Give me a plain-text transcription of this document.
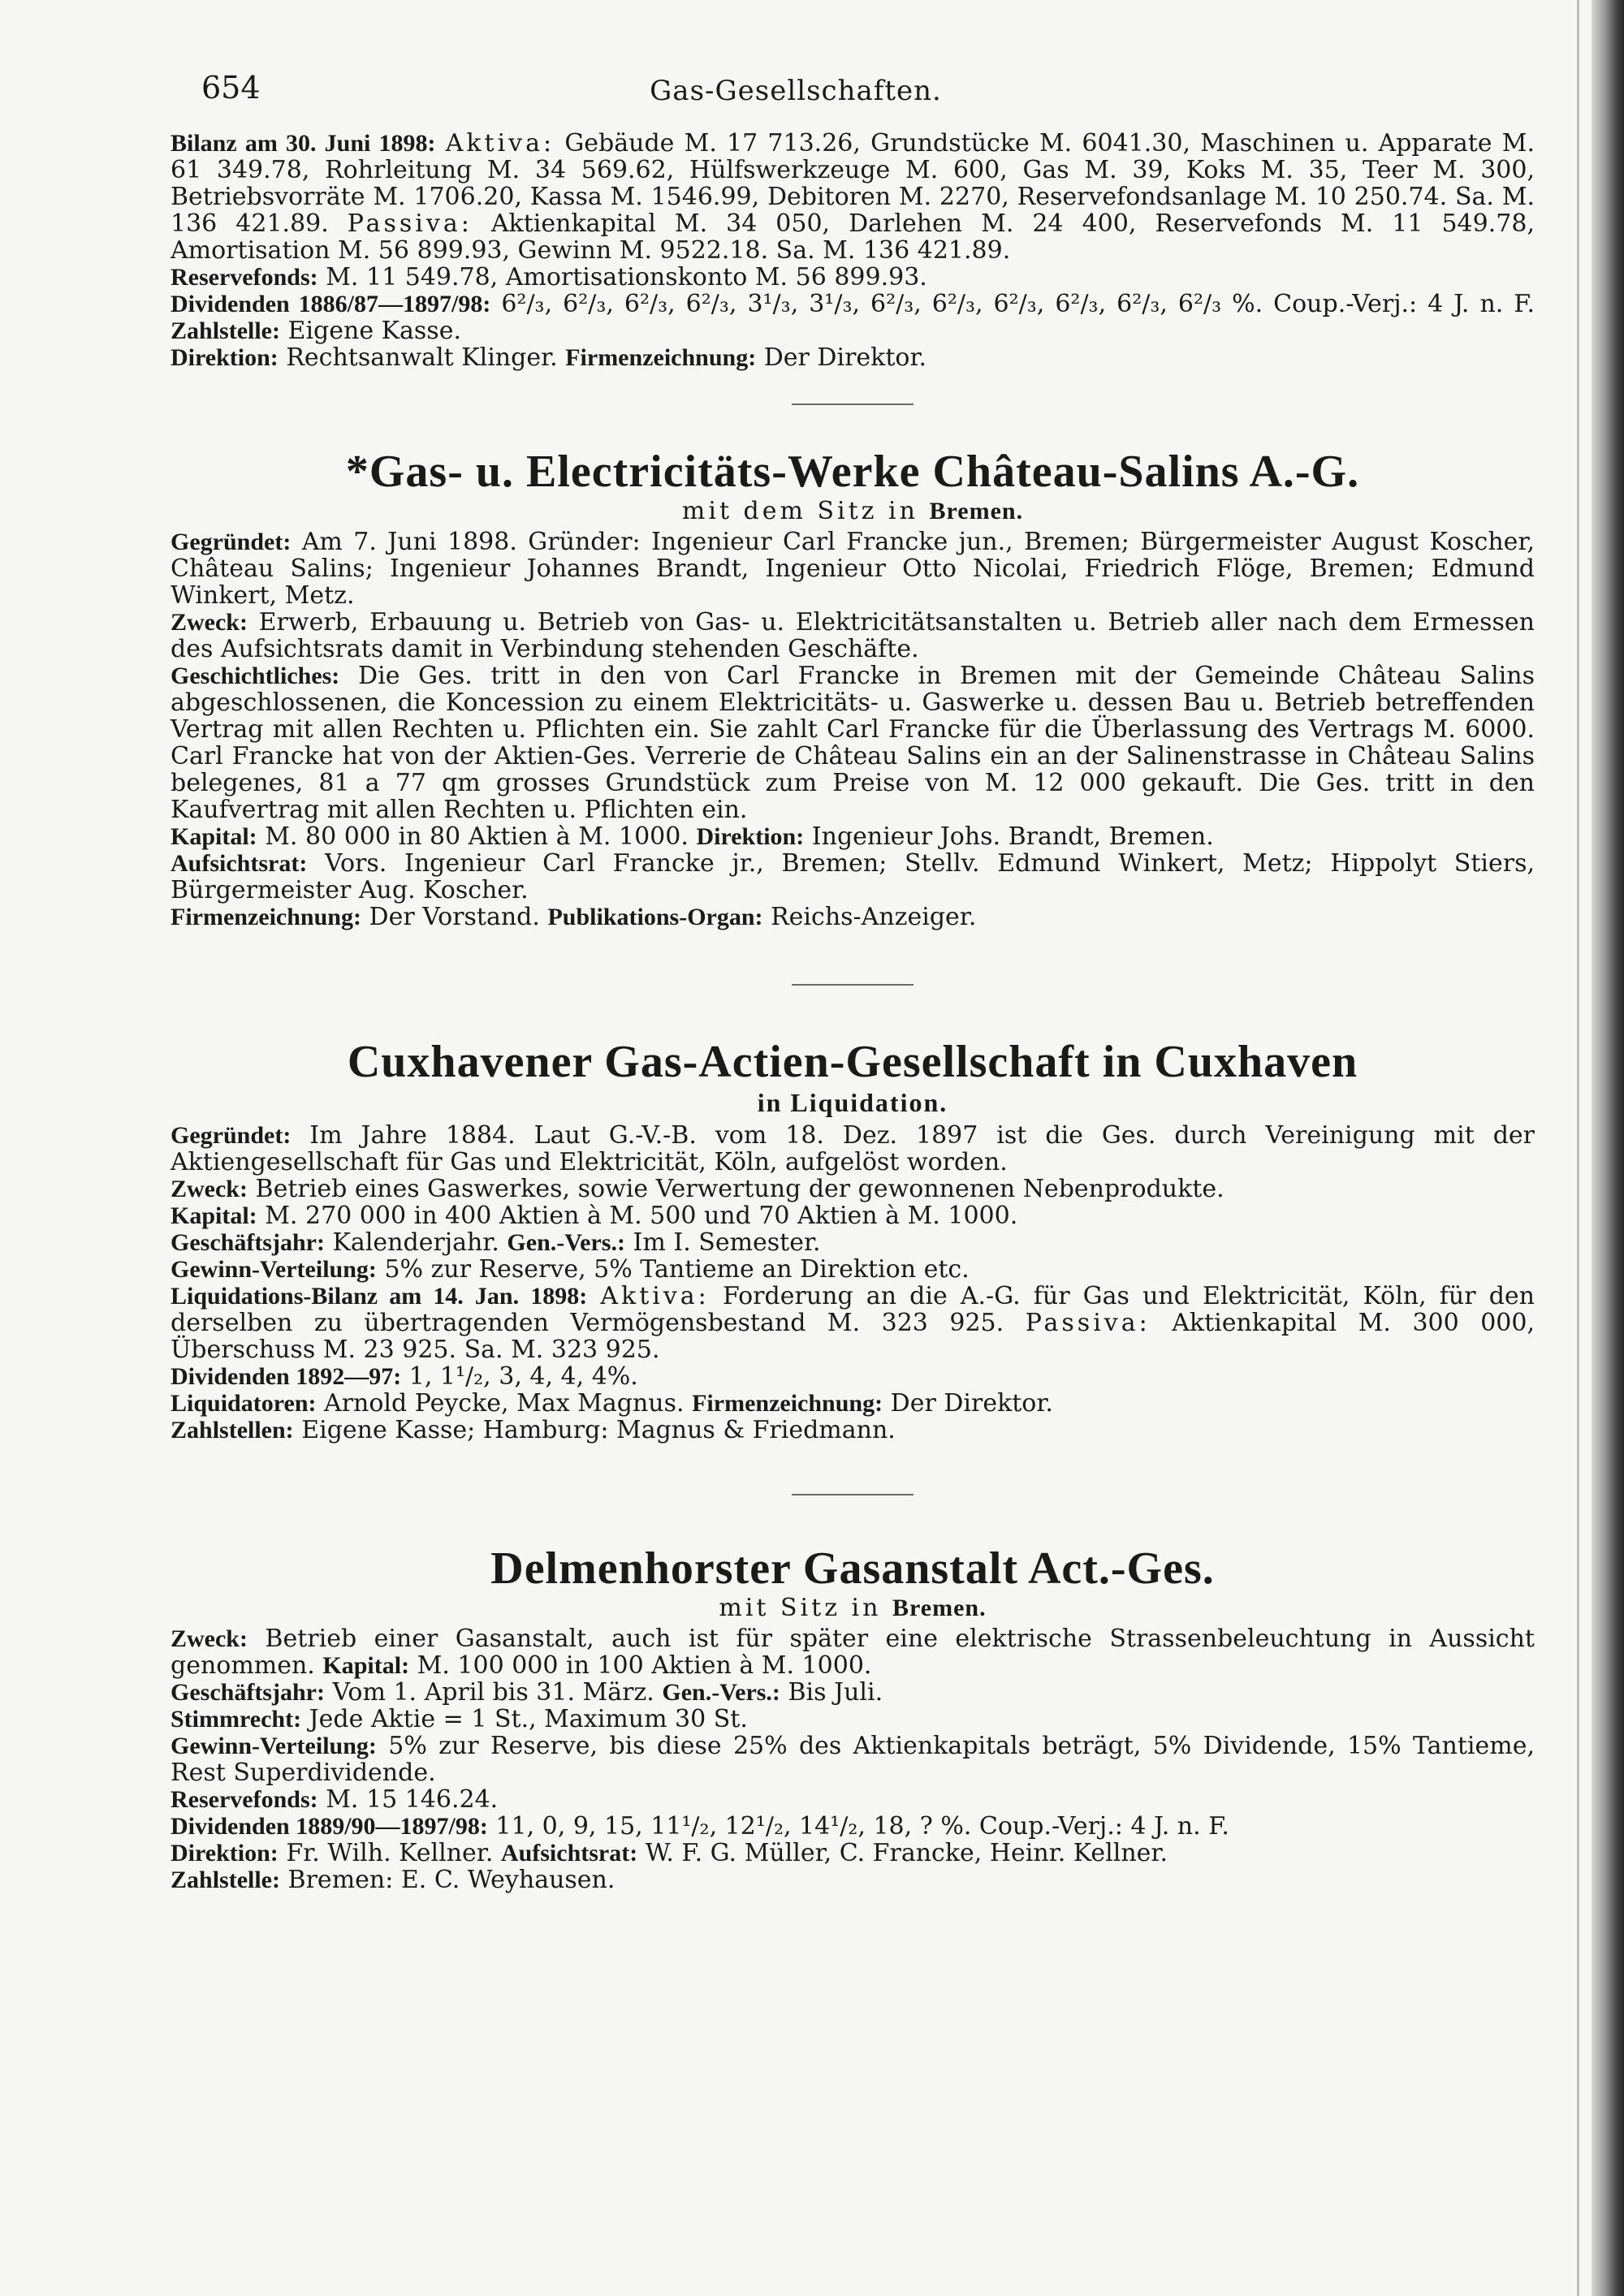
654	Gas-Gesellschaften.

Bilanz am 30. Juni 1898: Aktiva: Gebäude M. 17 713.26, Grundstücke M. 6041.30, Maschinen u. Apparate M. 61 349.78, Rohrleitung M. 34 569.62, Hülfswerkzeuge M. 600, Gas M. 39, Koks M. 35, Teer M. 300, Betriebsvorräte M. 1706.20, Kassa M. 1546.99, Debitoren M. 2270, Reservefondsanlage M. 10 250.74. Sa. M. 136 421.89. Passiva: Aktienkapital M. 34 050, Darlehen M. 24 400, Reservefonds M. 11 549.78, Amortisation M. 56 899.93, Gewinn M. 9522.18. Sa. M. 136 421.89.

Reservefonds: M. 11 549.78, Amortisationskonto M. 56 899.93.

Dividenden 1886/87—1897/98: 6²/₃, 6²/₃, 6²/₃, 6²/₃, 3¹/₃, 3¹/₃, 6²/₃, 6²/₃, 6²/₃, 6²/₃, 6²/₃, 6²/₃ %. Coup.-Verj.: 4 J. n. F. Zahlstelle: Eigene Kasse.

Direktion: Rechtsanwalt Klinger. Firmenzeichnung: Der Direktor.

*Gas- u. Electricitäts-Werke Château-Salins A.-G.

mit dem Sitz in Bremen.

Gegründet: Am 7. Juni 1898. Gründer: Ingenieur Carl Francke jun., Bremen; Bürgermeister August Koscher, Château Salins; Ingenieur Johannes Brandt, Ingenieur Otto Nicolai, Friedrich Flöge, Bremen; Edmund Winkert, Metz.

Zweck: Erwerb, Erbauung u. Betrieb von Gas- u. Elektricitätsanstalten u. Betrieb aller nach dem Ermessen des Aufsichtsrats damit in Verbindung stehenden Geschäfte.

Geschichtliches: Die Ges. tritt in den von Carl Francke in Bremen mit der Gemeinde Château Salins abgeschlossenen, die Koncession zu einem Elektricitäts- u. Gaswerke u. dessen Bau u. Betrieb betreffenden Vertrag mit allen Rechten u. Pflichten ein. Sie zahlt Carl Francke für die Überlassung des Vertrags M. 6000. Carl Francke hat von der Aktien-Ges. Verrerie de Château Salins ein an der Salinenstrasse in Château Salins belegenes, 81 a 77 qm grosses Grundstück zum Preise von M. 12 000 gekauft. Die Ges. tritt in den Kaufvertrag mit allen Rechten u. Pflichten ein.

Kapital: M. 80 000 in 80 Aktien à M. 1000. Direktion: Ingenieur Johs. Brandt, Bremen.

Aufsichtsrat: Vors. Ingenieur Carl Francke jr., Bremen; Stellv. Edmund Winkert, Metz; Hippolyt Stiers, Bürgermeister Aug. Koscher.

Firmenzeichnung: Der Vorstand. Publikations-Organ: Reichs-Anzeiger.

Cuxhavener Gas-Actien-Gesellschaft in Cuxhaven

in Liquidation.

Gegründet: Im Jahre 1884. Laut G.-V.-B. vom 18. Dez. 1897 ist die Ges. durch Vereinigung mit der Aktiengesellschaft für Gas und Elektricität, Köln, aufgelöst worden.

Zweck: Betrieb eines Gaswerkes, sowie Verwertung der gewonnenen Nebenprodukte.

Kapital: M. 270 000 in 400 Aktien à M. 500 und 70 Aktien à M. 1000.

Geschäftsjahr: Kalenderjahr. Gen.-Vers.: Im I. Semester.

Gewinn-Verteilung: 5% zur Reserve, 5% Tantieme an Direktion etc.

Liquidations-Bilanz am 14. Jan. 1898: Aktiva: Forderung an die A.-G. für Gas und Elektricität, Köln, für den derselben zu übertragenden Vermögensbestand M. 323 925. Passiva: Aktienkapital M. 300 000, Überschuss M. 23 925. Sa. M. 323 925.

Dividenden 1892—97: 1, 1¹/₂, 3, 4, 4, 4%.

Liquidatoren: Arnold Peycke, Max Magnus. Firmenzeichnung: Der Direktor.

Zahlstellen: Eigene Kasse; Hamburg: Magnus & Friedmann.

Delmenhorster Gasanstalt Act.-Ges.

mit Sitz in Bremen.

Zweck: Betrieb einer Gasanstalt, auch ist für später eine elektrische Strassenbeleuchtung in Aussicht genommen. Kapital: M. 100 000 in 100 Aktien à M. 1000.

Geschäftsjahr: Vom 1. April bis 31. März. Gen.-Vers.: Bis Juli.

Stimmrecht: Jede Aktie = 1 St., Maximum 30 St.

Gewinn-Verteilung: 5% zur Reserve, bis diese 25% des Aktienkapitals beträgt, 5% Dividende, 15% Tantieme, Rest Superdividende.

Reservefonds: M. 15 146.24.

Dividenden 1889/90—1897/98: 11, 0, 9, 15, 11¹/₂, 12¹/₂, 14¹/₂, 18, ? %. Coup.-Verj.: 4 J. n. F.

Direktion: Fr. Wilh. Kellner. Aufsichtsrat: W. F. G. Müller, C. Francke, Heinr. Kellner.

Zahlstelle: Bremen: E. C. Weyhausen.
